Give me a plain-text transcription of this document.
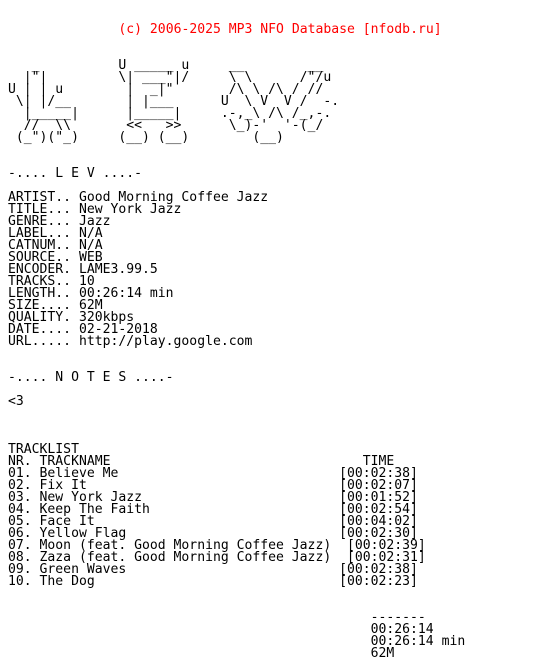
(c) 2006-2025 MP3 NFO Database [nfodb.ru]

_          U _____ u     __        __
|"|         \| ___"|/     \ \      /"/u
U | | u        |  _|"       /\ \ /\ / //
\| |/__       | |___      U  \ V  V /  -.
|_____|      |_____|     .-,_\ /\ /_,-.
//  \\       <<   >>      \_)-'  '-(_/
(_")("_)     (__) (__)        (__)
-.... L E V ....-
ARTIST.. Good Morning Coffee Jazz
TITLE... New York Jazz
GENRE... Jazz
LABEL... N/A
CATNUM.. N/A
SOURCE.. WEB
ENCODER. LAME3.99.5
TRACKS.. 10
LENGTH.. 00:26:14 min
SIZE.... 62M
QUALITY. 320kbps
DATE.... 02-21-2018
URL..... http://play.google.com
-.... N O T E S ....-
<3
TRACKLIST
NR. TRACKNAME                                TIME
01. Believe Me                            [00:02:38]
02. Fix It                                [00:02:07]
03. New York Jazz                         [00:01:52]
04. Keep The Faith                        [00:02:54]
05. Face It                               [00:04:02]
06. Yellow Flag                           [00:02:30]
07. Moon (feat. Good Morning Coffee Jazz)  [00:02:39]
08. Zaza (feat. Good Morning Coffee Jazz)  [00:02:31]
09. Green Waves                           [00:02:38]
10. The Dog                               [00:02:23]
-------
00:26:14
00:26:14 min
62M
